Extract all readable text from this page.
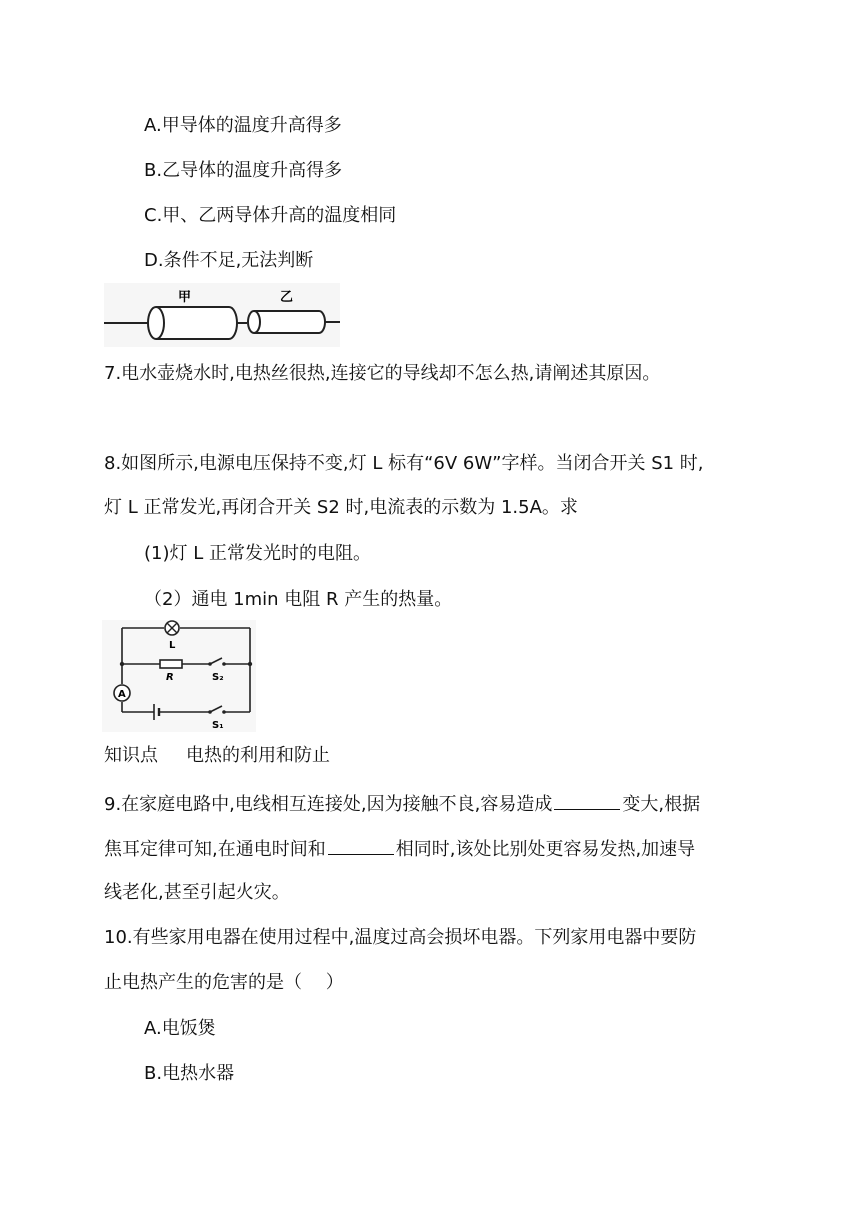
A.甲导体的温度升高得多
B.乙导体的温度升高得多
C.甲、乙两导体升高的温度相同
D.条件不足,无法判断
甲	乙
7.电水壶烧水时,电热丝很热,连接它的导线却不怎么热,请阐述其原因。
8.如图所示,电源电压保持不变,灯 L 标有“6V 6W”字样。当闭合开关 S1 时,
灯 L 正常发光,再闭合开关 S2 时,电流表的示数为 1.5A。求
(1)灯 L 正常发光时的电阻。
（2）通电 1min 电阻 R 产生的热量。
L
R	S₂
A
S₁
知识点 电热的利用和防止
9.在家庭电路中,电线相互连接处,因为接触不良,容易造成	变大,根据
焦耳定律可知,在通电时间和	相同时,该处比别处更容易发热,加速导
线老化,甚至引起火灾。
10.有些家用电器在使用过程中,温度过高会损坏电器。下列家用电器中要防
止电热产生的危害的是（　 ）
A.电饭煲
B.电热水器
